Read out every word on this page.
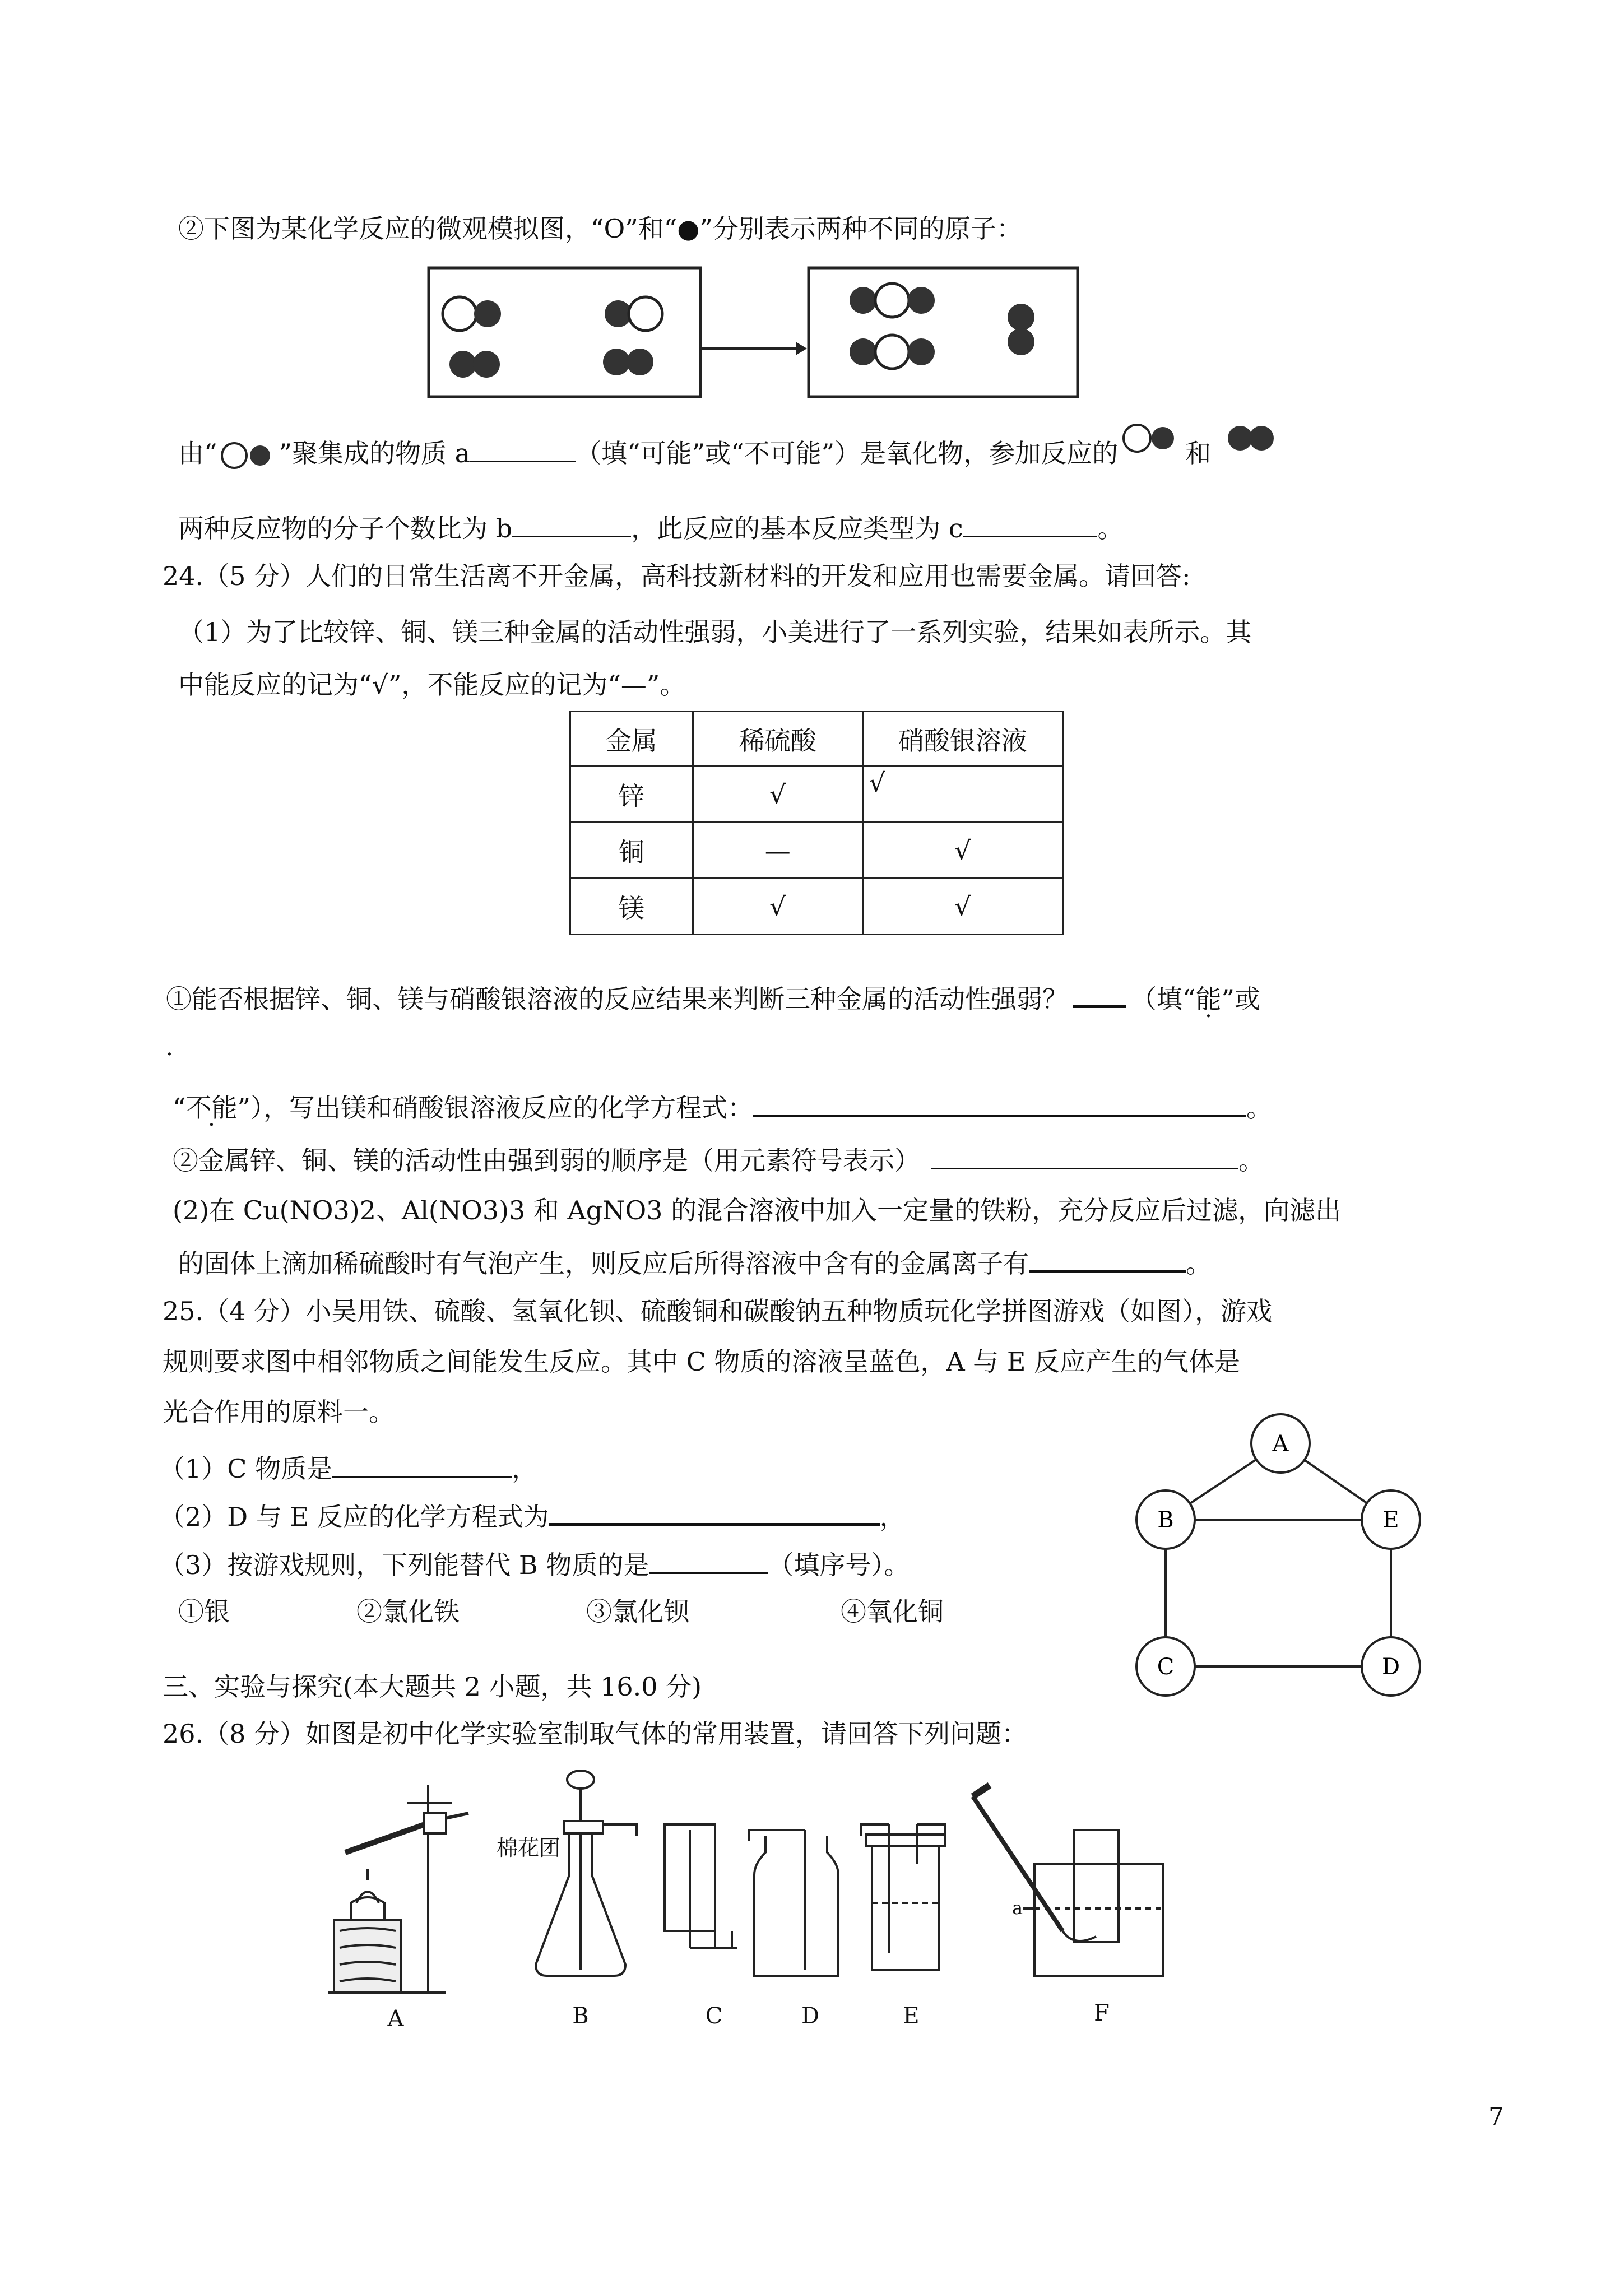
②下图为某化学反应的微观模拟图，“O”和“●”分别表示两种不同的原子：
由“ ”聚集成的物质 a	（填“可能”或“不可能”）是氧化物，参加反应的	和
两种反应物的分子个数比为 b	，此反应的基本反应类型为 c	。
24.（5 分）人们的日常生活离不开金属，高科技新材料的开发和应用也需要金属。请回答:
（1）为了比较锌、铜、镁三种金属的活动性强弱，小美进行了一系列实验，结果如表所示。其
中能反应的记为“√”，不能反应的记为“—”。
金属	稀硫酸	硝酸银溶液
锌	√	√
铜	—	√
镁	√	√
①能否根据锌、铜、镁与硝酸银溶液的反应结果来判断三种金属的活动性强弱？ （填“能” ·或
.
“不能” ·），写出镁和硝酸银溶液反应的化学方程式：	。
②金属锌、铜、镁的活动性由强到弱的顺序是（用元素符号表示）	。
(2)在 Cu(NO3)2、Al(NO3)3 和 AgNO3 的混合溶液中加入一定量的铁粉，充分反应后过滤，向滤出
的固体上滴加稀硫酸时有气泡产生，则反应后所得溶液中含有的金属离子有	。
25.（4 分）小吴用铁、硫酸、氢氧化钡、硫酸铜和碳酸钠五种物质玩化学拼图游戏（如图），游戏
规则要求图中相邻物质之间能发生反应。其中 C 物质的溶液呈蓝色，A 与 E 反应产生的气体是
光合作用的原料一。
（1）C 物质是	，
（2）D 与 E 反应的化学方程式为	，
（3）按游戏规则，下列能替代 B 物质的是	（填序号）。
①银	②氯化铁	③氯化钡	④氧化铜
A
B	E
C	D
三、实验与探究(本大题共 2 小题，共 16.0 分)
26.（8 分）如图是初中化学实验室制取气体的常用装置，请回答下列问题：
棉花团
a
A	B	C	D	E	F
7
